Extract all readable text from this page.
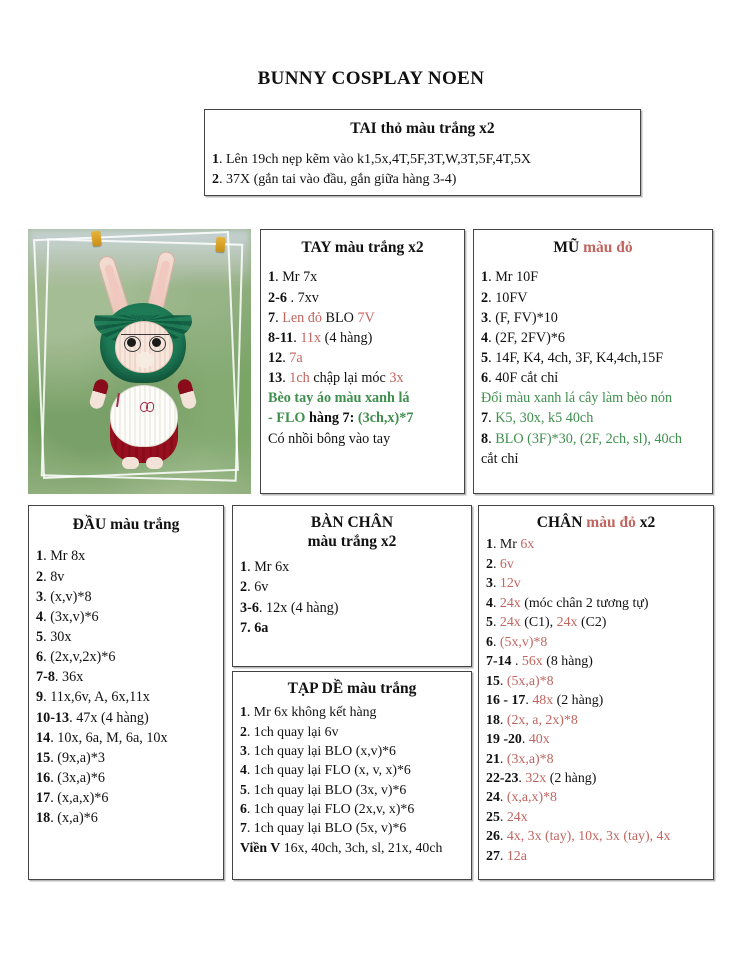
BUNNY COSPLAY NOEN
TAI thỏ màu trắng x2
1. Lên 19ch nẹp kẽm vào k1,5x,4T,5F,3T,W,3T,5F,4T,5X
2. 37X (gắn tai vào đầu, gắn giữa hàng 3-4)
TAY màu trắng x2
1. Mr 7x
2-6 . 7xv
7. Len đỏ BLO 7V
8-11. 11x (4 hàng)
12. 7a
13. 1ch chập lại móc 3x
Bèo tay áo màu xanh lá
- FLO hàng 7: (3ch,x)*7
Có nhồi bông vào tay
MŨ màu đỏ
1. Mr 10F
2. 10FV
3. (F, FV)*10
4. (2F, 2FV)*6
5. 14F, K4, 4ch, 3F, K4,4ch,15F
6. 40F cắt chỉ
Đổi màu xanh lá cây làm bèo nón
7. K5, 30x, k5 40ch
8. BLO (3F)*30, (2F, 2ch, sl), 40ch
cắt chỉ
ĐẦU màu trắng
1. Mr 8x
2. 8v
3. (x,v)*8
4. (3x,v)*6
5. 30x
6. (2x,v,2x)*6
7-8. 36x
9. 11x,6v, A, 6x,11x
10-13. 47x (4 hàng)
14. 10x, 6a, M, 6a, 10x
15. (9x,a)*3
16. (3x,a)*6
17. (x,a,x)*6
18. (x,a)*6
BÀN CHÂN
màu trắng x2
1. Mr 6x
2. 6v
3-6. 12x (4 hàng)
7. 6a
TẠP DỀ màu trắng
1. Mr 6x không kết hàng
2. 1ch quay lại 6v
3. 1ch quay lại BLO (x,v)*6
4. 1ch quay lại FLO (x, v, x)*6
5. 1ch quay lại BLO (3x, v)*6
6. 1ch quay lại FLO (2x,v, x)*6
7. 1ch quay lại BLO (5x, v)*6
Viền V 16x, 40ch, 3ch, sl, 21x, 40ch
CHÂN màu đỏ x2
1. Mr 6x
2. 6v
3. 12v
4. 24x (móc chân 2 tương tự)
5. 24x (C1), 24x (C2)
6. (5x,v)*8
7-14 . 56x (8 hàng)
15. (5x,a)*8
16 - 17. 48x (2 hàng)
18. (2x, a, 2x)*8
19 -20. 40x
21. (3x,a)*8
22-23. 32x (2 hàng)
24. (x,a,x)*8
25. 24x
26. 4x, 3x (tay), 10x, 3x (tay), 4x
27. 12a
